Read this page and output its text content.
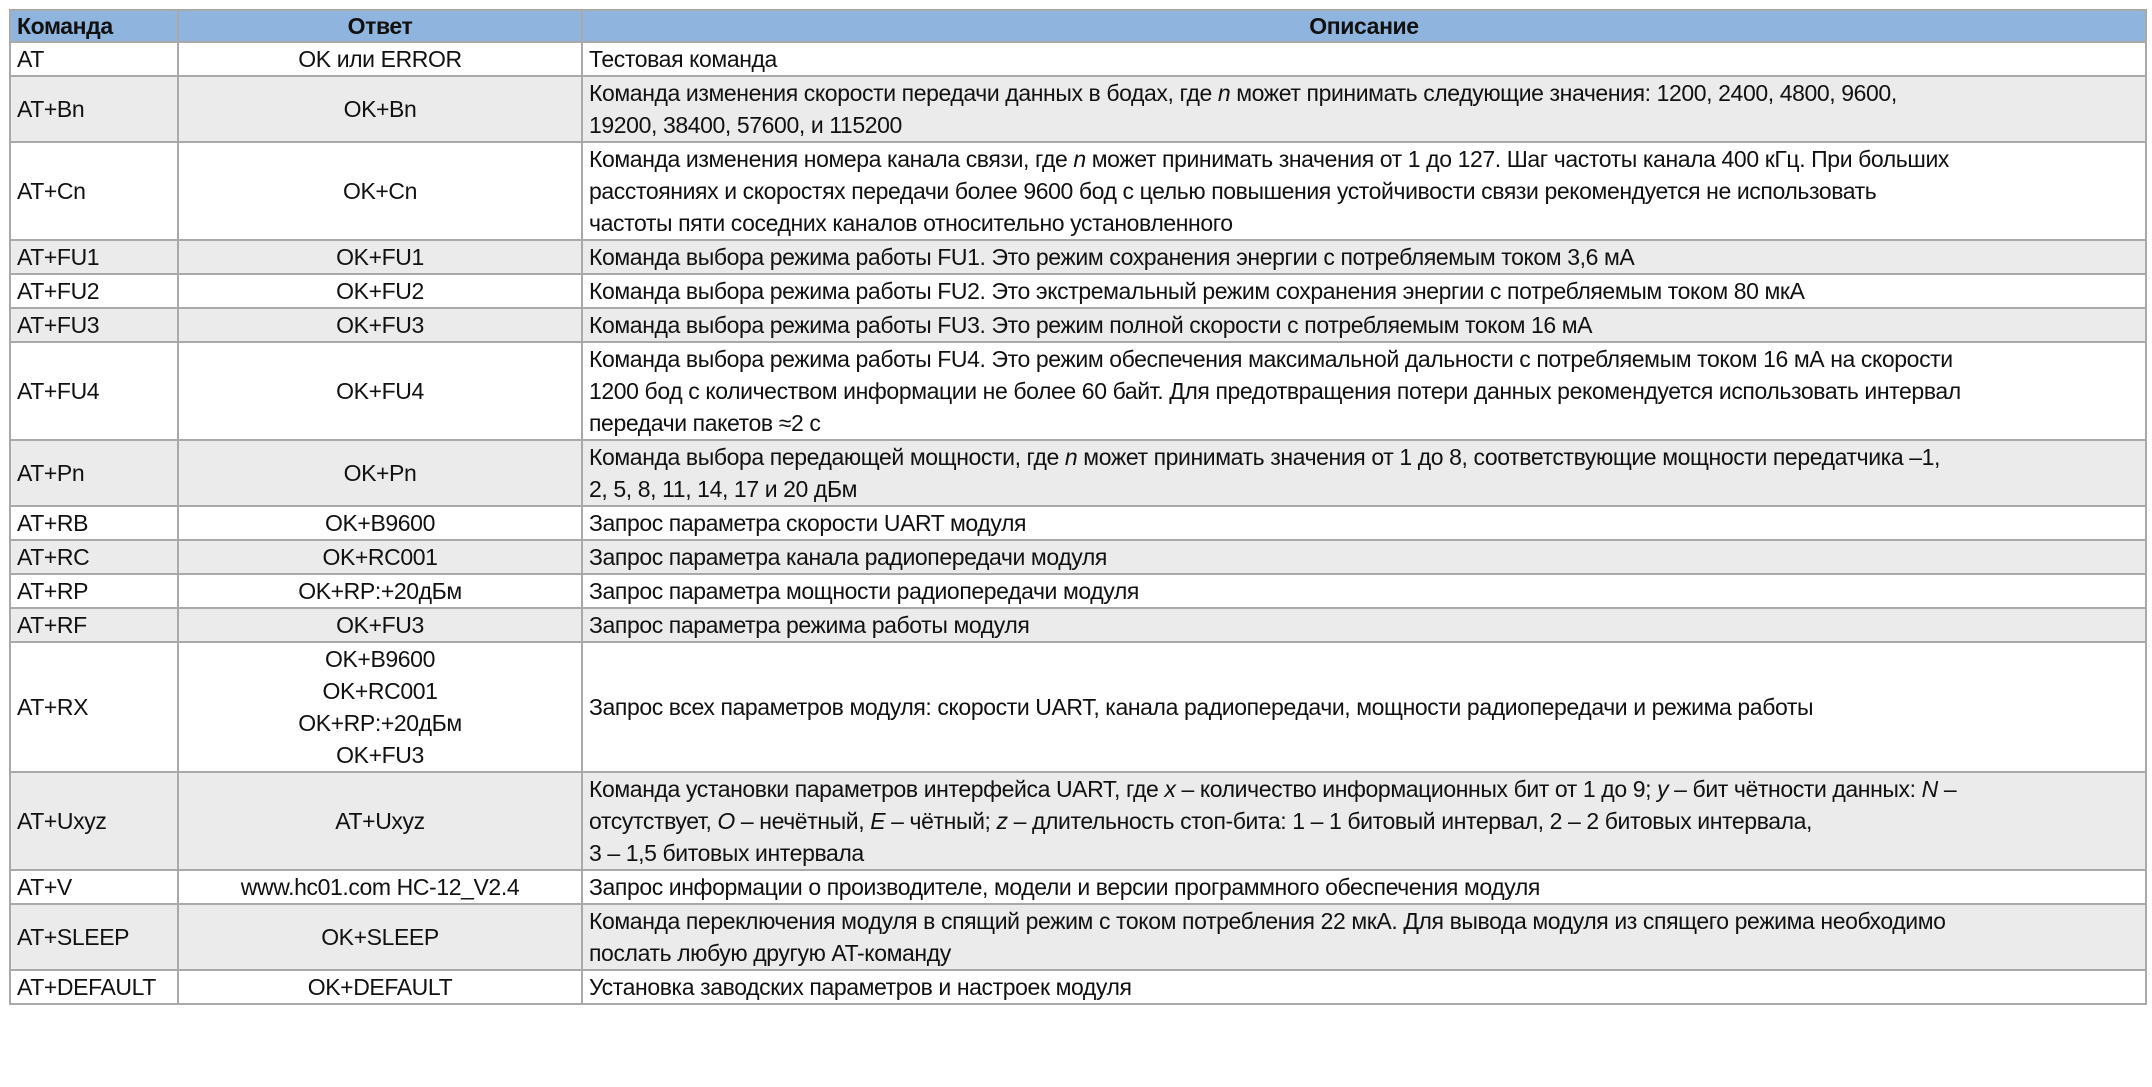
Команда	Ответ	Описание
AT	OK или ERROR	Тестовая команда

AT+Bn	OK+Bn	Команда изменения скорости передачи данных в бодах, где n может принимать следующие значения: 1200, 2400, 4800, 9600,
19200, 38400, 57600, и 115200

AT+Cn	OK+Cn	Команда изменения номера канала связи, где n может принимать значения от 1 до 127. Шаг частоты канала 400 кГц. При больших
расстояниях и скоростях передачи более 9600 бод с целью повышения устойчивости связи рекомендуется не использовать
частоты пяти соседних каналов относительно установленного

AT+FU1	OK+FU1	Команда выбора режима работы FU1. Это режим сохранения энергии с потребляемым током 3,6 мА

AT+FU2	OK+FU2	Команда выбора режима работы FU2. Это экстремальный режим сохранения энергии с потребляемым током 80 мкА

AT+FU3	OK+FU3	Команда выбора режима работы FU3. Это режим полной скорости с потребляемым током 16 мА

AT+FU4	OK+FU4	Команда выбора режима работы FU4. Это режим обеспечения максимальной дальности с потребляемым током 16 мА на скорости
1200 бод с количеством информации не более 60 байт. Для предотвращения потери данных рекомендуется использовать интервал
передачи пакетов ≈2 с

AT+Pn	OK+Pn	Команда выбора передающей мощности, где n может принимать значения от 1 до 8, соответствующие мощности передатчика –1,
2, 5, 8, 11, 14, 17 и 20 дБм

AT+RB	OK+B9600	Запрос параметра скорости UART модуля

AT+RC	OK+RC001	Запрос параметра канала радиопередачи модуля

AT+RP	OK+RP:+20дБм	Запрос параметра мощности радиопередачи модуля

AT+RF	OK+FU3	Запрос параметра режима работы модуля

AT+RX	OK+B9600
OK+RC001
OK+RP:+20дБм
OK+FU3	Запрос всех параметров модуля: скорости UART, канала радиопередачи, мощности радиопередачи и режима работы

AT+Uxyz	AT+Uxyz	Команда установки параметров интерфейса UART, где x – количество информационных бит от 1 до 9; y – бит чётности данных: N –
отсутствует, O – нечётный, E – чётный; z – длительность стоп-бита: 1 – 1 битовый интервал, 2 – 2 битовых интервала,
3 – 1,5 битовых интервала

AT+V	www.hc01.com HC-12_V2.4	Запрос информации о производителе, модели и версии программного обеспечения модуля

AT+SLEEP	OK+SLEEP	Команда переключения модуля в спящий режим с током потребления 22 мкА. Для вывода модуля из спящего режима необходимо
послать любую другую AT-команду

AT+DEFAULT	OK+DEFAULT	Установка заводских параметров и настроек модуля
